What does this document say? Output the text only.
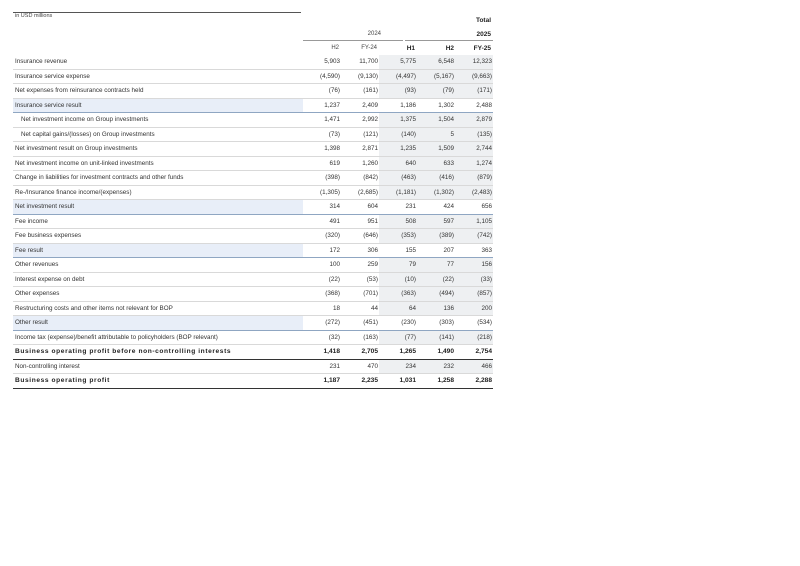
in USD millions
Total
2024	2025
H2	FY-24	H1	H2	FY-25
Insurance revenue	5,903	11,700	5,775	6,548	12,323
Insurance service expense	(4,590)	(9,130)	(4,497)	(5,167)	(9,663)
Net expenses from reinsurance contracts held	(76)	(161)	(93)	(79)	(171)
Insurance service result	1,237	2,409	1,186	1,302	2,488
Net investment income on Group investments	1,471	2,992	1,375	1,504	2,879
Net capital gains/(losses) on Group investments	(73)	(121)	(140)	5	(135)
Net investment result on Group investments	1,398	2,871	1,235	1,509	2,744
Net investment income on unit-linked investments	619	1,260	640	633	1,274
Change in liabilities for investment contracts and other funds	(398)	(842)	(463)	(416)	(879)
Re-/Insurance finance income/(expenses)	(1,305)	(2,685)	(1,181)	(1,302)	(2,483)
Net investment result	314	604	231	424	656
Fee income	491	951	508	597	1,105
Fee business expenses	(320)	(646)	(353)	(389)	(742)
Fee result	172	306	155	207	363
Other revenues	100	259	79	77	156
Interest expense on debt	(22)	(53)	(10)	(22)	(33)
Other expenses	(368)	(701)	(363)	(494)	(857)
Restructuring costs and other items not relevant for BOP	18	44	64	136	200
Other result	(272)	(451)	(230)	(303)	(534)
Income tax (expense)/benefit attributable to policyholders (BOP relevant)	(32)	(163)	(77)	(141)	(218)
Business operating profit before non-controlling interests	1,418	2,705	1,265	1,490	2,754
Non-controlling interest	231	470	234	232	466
Business operating profit	1,187	2,235	1,031	1,258	2,288
